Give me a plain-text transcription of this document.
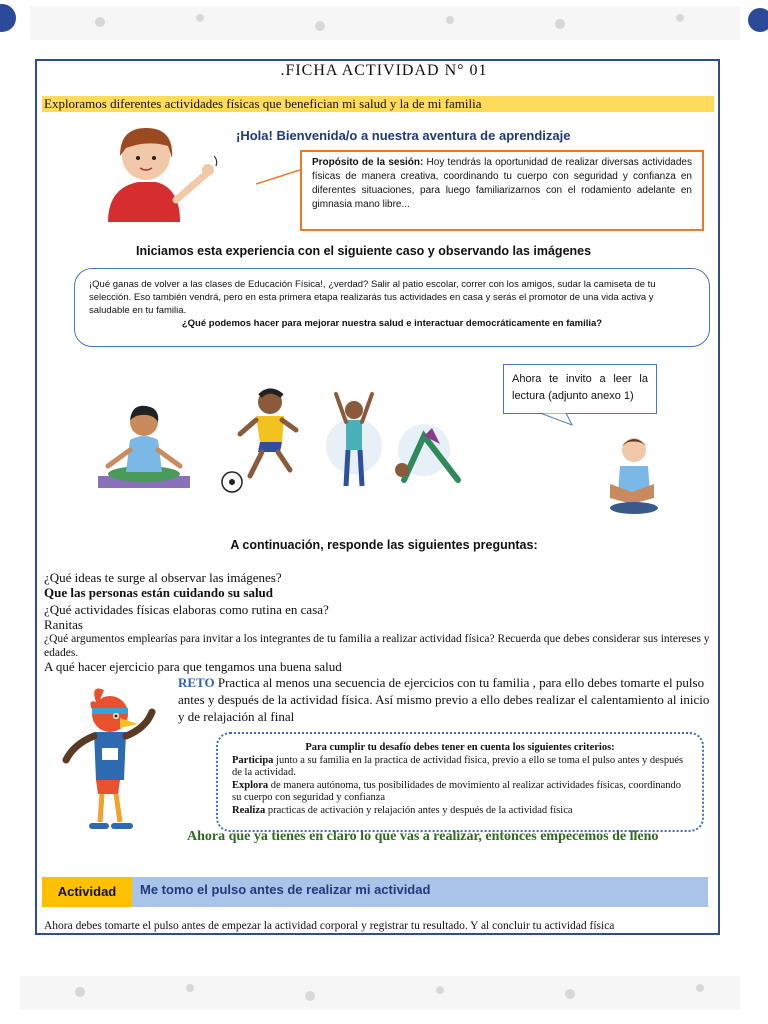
.FICHA ACTIVIDAD N° 01
Exploramos diferentes actividades físicas que benefician mi salud y la de mi familia
¡Hola! Bienvenida/o a nuestra aventura de aprendizaje
Propósito de la sesión: Hoy tendrás la oportunidad de realizar diversas actividades físicas de manera creativa, coordinando tu cuerpo con seguridad y confianza en diferentes situaciones, para luego familiarizarnos con el rodamiento adelante en gimnasia mano libre...
Iniciamos esta experiencia con el siguiente caso y observando las imágenes
¡Qué ganas de volver a las clases de Educación Física!, ¿verdad? Salir al patio escolar, correr con los amigos, sudar la camiseta de tu selección. Eso también vendrá, pero en esta primera etapa realizarás tus actividades en casa y serás el promotor de una vida activa y saludable en tu familia.
¿Qué podemos hacer para mejorar nuestra salud e interactuar democráticamente en familia?
Ahora te invito a leer la lectura (adjunto anexo 1)
A continuación, responde las siguientes preguntas:
¿Qué ideas te surge al observar las imágenes?
Que las personas están cuidando su salud
¿Qué actividades físicas elaboras como rutina en casa?
Ranitas
¿Qué argumentos emplearías para invitar a los integrantes de tu familia a realizar actividad física? Recuerda que debes considerar sus intereses y edades.
A qué hacer ejercicio para que tengamos una buena salud
RETO Practica al menos una secuencia de ejercicios con tu familia , para ello debes tomarte el pulso antes y después de la actividad física. Así mismo previo a ello debes realizar el calentamiento al inicio y de relajación al final
Para cumplir tu desafío debes tener en cuenta los siguientes criterios:
Participa junto a su familia en la practica de actividad física, previo a ello se toma el pulso antes y después de la actividad.
Explora de manera autónoma, tus posibilidades de movimiento al realizar actividades físicas, coordinando su cuerpo con seguridad y confianza
Realiza practicas de activación y relajación antes y después de la actividad física
Ahora que ya tienes en claro lo que vas a realizar, entonces empecemos de lleno
Actividad	Me tomo el pulso antes de realizar mi actividad
Ahora debes tomarte el pulso antes de empezar la actividad corporal y registrar tu resultado. Y al concluir tu actividad física
